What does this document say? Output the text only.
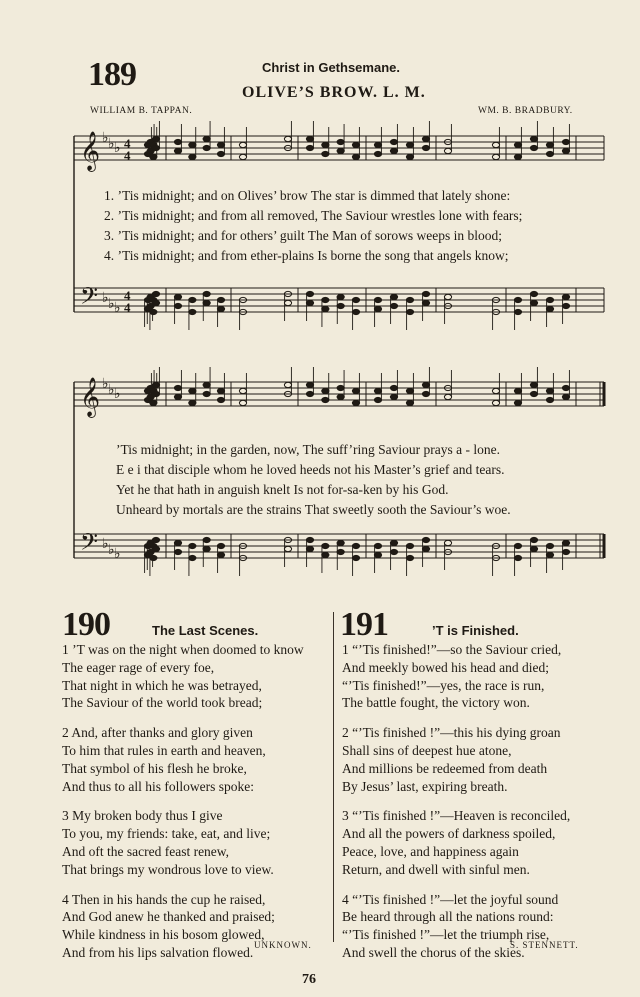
189	Christ in Gethsemane.
OLIVE’S BROW. L. M.
WILLIAM B. TAPPAN.	WM. B. BRADBURY.
𝄞
𝄢
♭
♭
♭
♭
♭
♭
4
4
4
4
1. ’Tis midnight; and on Olives’ brow The star is dimmed that lately shone:
2. ’Tis midnight; and from all removed, The Saviour wrestles lone with fears;
3. ’Tis midnight; and for others’ guilt The Man of sorows weeps in blood;
4. ’Tis midnight; and from ether-plains Is borne the song that angels know;
𝄞
𝄢
♭
♭
♭
♭
♭
♭
’Tis midnight; in the garden, now, The suff’ring Saviour prays a - lone.
E e i that disciple whom he loved heeds not his Master’s grief and tears.
Yet he that hath in anguish knelt Is not for-sa-ken by his God.
Unheard by mortals are the strains That sweetly sooth the Saviour’s woe.
190	The Last Scenes.
1 ’T was on the night when doomed to know
The eager rage of every foe,
That night in which he was betrayed,
The Saviour of the world took bread;
2 And, after thanks and glory given
To him that rules in earth and heaven,
That symbol of his flesh he broke,
And thus to all his followers spoke:
3 My broken body thus I give
To you, my friends: take, eat, and live;
And oft the sacred feast renew,
That brings my wondrous love to view.
4 Then in his hands the cup he raised,
And God anew he thanked and praised;
While kindness in his bosom glowed,
And from his lips salvation flowed. UNKNOWN.
191	’T is Finished.
1 “’Tis finished!”—so the Saviour cried,
And meekly bowed his head and died;
“’Tis finished!”—yes, the race is run,
The battle fought, the victory won.
2 “’Tis finished !”—this his dying groan
Shall sins of deepest hue atone,
And millions be redeemed from death
By Jesus’ last, expiring breath.
3 “’Tis finished !”—Heaven is reconciled,
And all the powers of darkness spoiled,
Peace, love, and happiness again
Return, and dwell with sinful men.
4 “’Tis finished !”—let the joyful sound
Be heard through all the nations round:
“’Tis finished !”—let the triumph rise,
And swell the chorus of the skies.
S. STENNETT.
76
